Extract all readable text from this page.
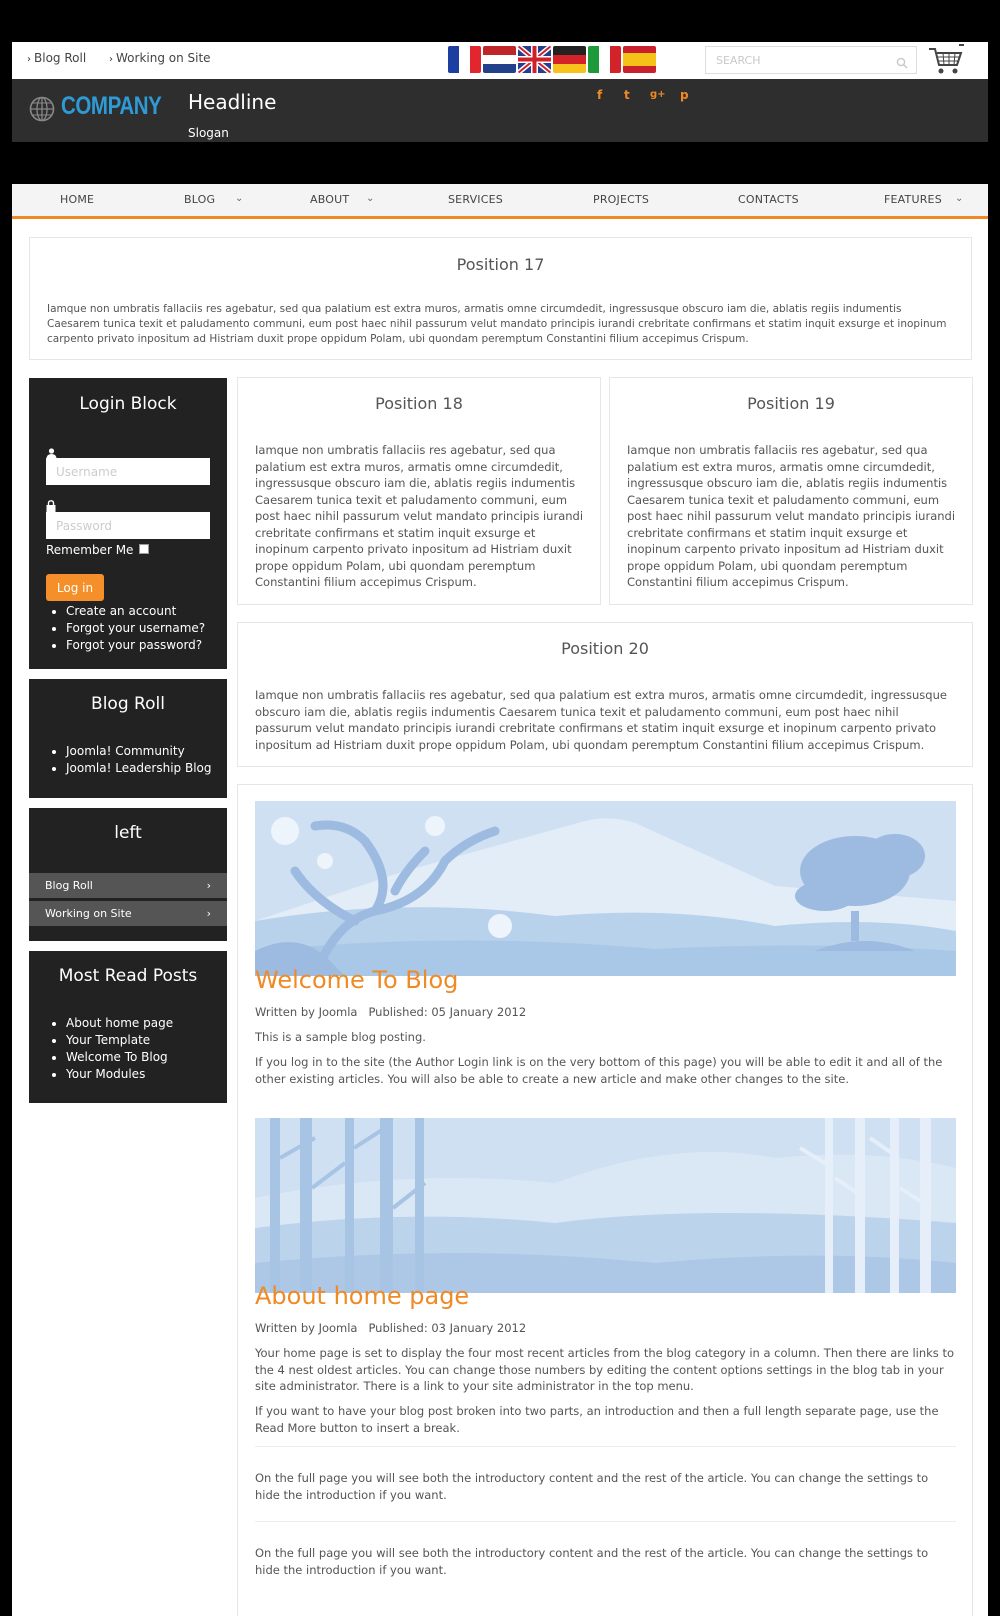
› Blog Roll › Working on Site
SEARCH
COMPANY Headline
Slogan
f t g+ p
HOME	BLOG ⌄	ABOUT ⌄	SERVICES	PROJECTS	CONTACTS	FEATURES ⌄
Position 17

Iamque non umbratis fallaciis res agebatur, sed qua palatium est extra muros, armatis omne circumdedit, ingressusque obscuro iam die, ablatis regiis indumentis Caesarem tunica texit et paludamento communi, eum post haec nihil passurum velut mandato principis iurandi crebritate confirmans et statim inquit exsurge et inopinum carpento privato inpositum ad Histriam duxit prope oppidum Polam, ubi quondam peremptum Constantini filium accepimus Crispum.

Login Block
Username
Remember Me
Log in
• Create an account
• Forgot your username?
• Forgot your password?
Blog Roll
• Joomla! Community
• Joomla! Leadership Blog
left
Blog Roll	›
Working on Site	›
Most Read Posts
• About home page
• Your Template
• Welcome To Blog
• Your Modules
Position 18

Iamque non umbratis fallaciis res agebatur, sed qua palatium est extra muros, armatis omne circumdedit, ingressusque obscuro iam die, ablatis regiis indumentis Caesarem tunica texit et paludamento communi, eum post haec nihil passurum velut mandato principis iurandi crebritate confirmans et statim inquit exsurge et inopinum carpento privato inpositum ad Histriam duxit prope oppidum Polam, ubi quondam peremptum Constantini filium accepimus Crispum.

Position 19

Iamque non umbratis fallaciis res agebatur, sed qua palatium est extra muros, armatis omne circumdedit, ingressusque obscuro iam die, ablatis regiis indumentis Caesarem tunica texit et paludamento communi, eum post haec nihil passurum velut mandato principis iurandi crebritate confirmans et statim inquit exsurge et inopinum carpento privato inpositum ad Histriam duxit prope oppidum Polam, ubi quondam peremptum Constantini filium accepimus Crispum.

Position 20

Iamque non umbratis fallaciis res agebatur, sed qua palatium est extra muros, armatis omne circumdedit, ingressusque obscuro iam die, ablatis regiis indumentis Caesarem tunica texit et paludamento communi, eum post haec nihil passurum velut mandato principis iurandi crebritate confirmans et statim inquit exsurge et inopinum carpento privato inpositum ad Histriam duxit prope oppidum Polam, ubi quondam peremptum Constantini filium accepimus Crispum.

Welcome To Blog
Written by Joomla Published: 05 January 2012

This is a sample blog posting.

If you log in to the site (the Author Login link is on the very bottom of this page) you will be able to edit it and all of the other existing articles. You will also be able to create a new article and make other changes to the site.

About home page
Written by Joomla Published: 03 January 2012

Your home page is set to display the four most recent articles from the blog category in a column. Then there are links to the 4 nest oldest articles. You can change those numbers by editing the content options settings in the blog tab in your site administrator. There is a link to your site administrator in the top menu.

If you want to have your blog post broken into two parts, an introduction and then a full length separate page, use the Read More button to insert a break.

On the full page you will see both the introductory content and the rest of the article. You can change the settings to hide the introduction if you want.

On the full page you will see both the introductory content and the rest of the article. You can change the settings to hide the introduction if you want.
